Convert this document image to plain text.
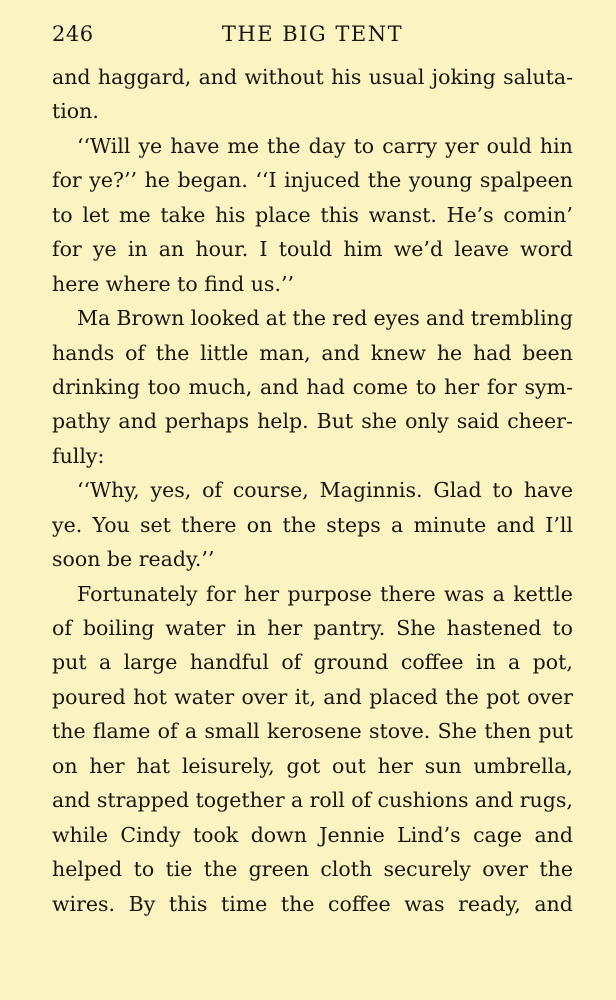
246	THE BIG TENT
and haggard, and without his usual joking saluta-
tion.
‘‘Will ye have me the day to carry yer ould hin
for ye?’’ he began. ‘‘I injuced the young spalpeen
to let me take his place this wanst. He’s comin’
for ye in an hour. I tould him we’d leave word
here where to find us.’’
Ma Brown looked at the red eyes and trembling
hands of the little man, and knew he had been
drinking too much, and had come to her for sym-
pathy and perhaps help. But she only said cheer-
fully:
‘‘Why, yes, of course, Maginnis. Glad to have
ye. You set there on the steps a minute and I’ll
soon be ready.’’
Fortunately for her purpose there was a kettle
of boiling water in her pantry. She hastened to
put a large handful of ground coffee in a pot,
poured hot water over it, and placed the pot over
the flame of a small kerosene stove. She then put
on her hat leisurely, got out her sun umbrella,
and strapped together a roll of cushions and rugs,
while Cindy took down Jennie Lind’s cage and
helped to tie the green cloth securely over the
wires. By this time the coffee was ready, and
